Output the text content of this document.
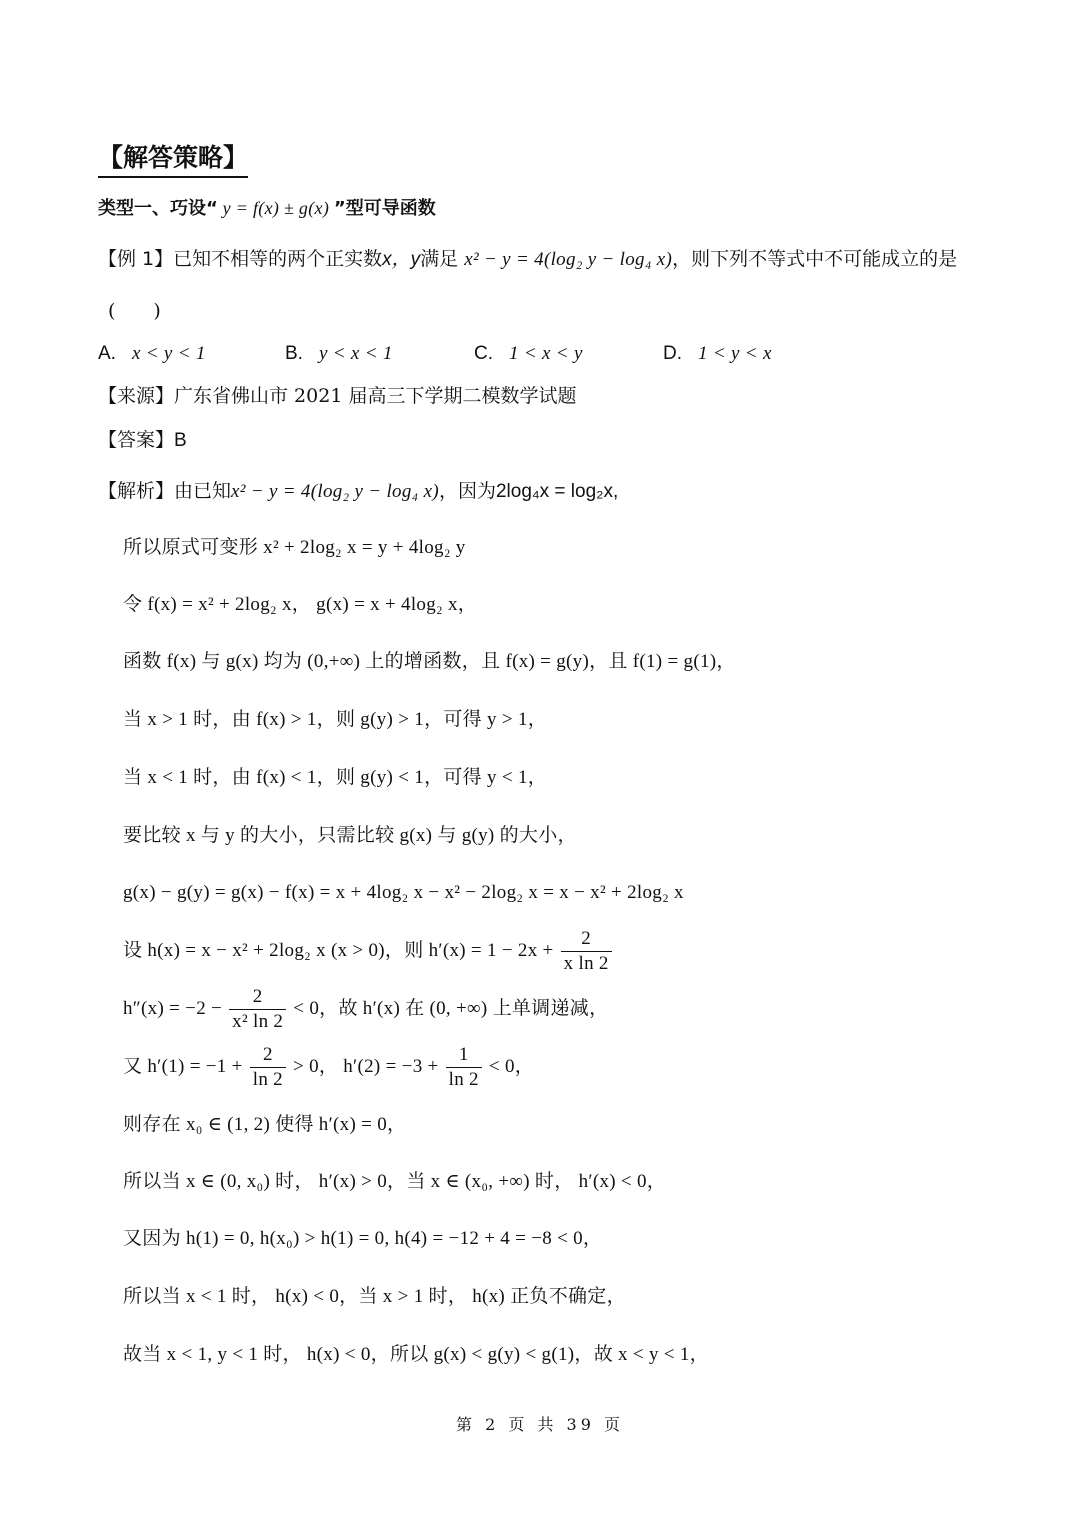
【解答策略】
类型一、巧设“ y = f(x) ± g(x) ”型可导函数
【例 1】已知不相等的两个正实数x，y满足 x² − y = 4(log₂ y − log₄ x)，则下列不等式中不可能成立的是
(　　)
A. x < y < 1	B. y < x < 1	C. 1 < x < y	D. 1 < y < x
【来源】广东省佛山市 2021 届高三下学期二模数学试题
【答案】B
【解析】由已知x² − y = 4(log₂ y − log₄ x)，因为2log₄x = log₂x,
所以原式可变形 x² + 2log₂ x = y + 4log₂ y
令 f(x) = x² + 2log₂ x， g(x) = x + 4log₂ x，
函数 f(x) 与 g(x) 均为 (0,+∞) 上的增函数，且 f(x) = g(y)，且 f(1) = g(1)，
当 x > 1 时，由 f(x) > 1，则 g(y) > 1，可得 y > 1，
当 x < 1 时，由 f(x) < 1，则 g(y) < 1，可得 y < 1，
要比较 x 与 y 的大小，只需比较 g(x) 与 g(y) 的大小，
g(x) − g(y) = g(x) − f(x) = x + 4log₂ x − x² − 2log₂ x = x − x² + 2log₂ x
设 h(x) = x − x² + 2log₂ x (x > 0)，则 $h'(x) = 1 - 2x + \frac{2}{\text{x ln 2}}$
$h''(x) = -2 - \frac{2}{\text{x² ln 2}} < 0$，故 h′(x) 在 (0, +∞) 上单调递减，
又 $h'(1) = -1 + \frac{2}{\ln 2} > 0$， $h'(2) = -3 + \frac{1}{\ln 2} < 0$，
则存在 x₀ ∈ (1, 2) 使得 h′(x) = 0，
所以当 x ∈ (0, x₀) 时， h′(x) > 0，当 x ∈ (x₀, +∞) 时， h′(x) < 0，
又因为 h(1) = 0, h(x₀) > h(1) = 0, h(4) = −12 + 4 = −8 < 0，
所以当 x < 1 时， h(x) < 0，当 x > 1 时， h(x) 正负不确定，
故当 x < 1, y < 1 时， h(x) < 0，所以 g(x) < g(y) < g(1)，故 x < y < 1，
第 2 页 共 39 页
